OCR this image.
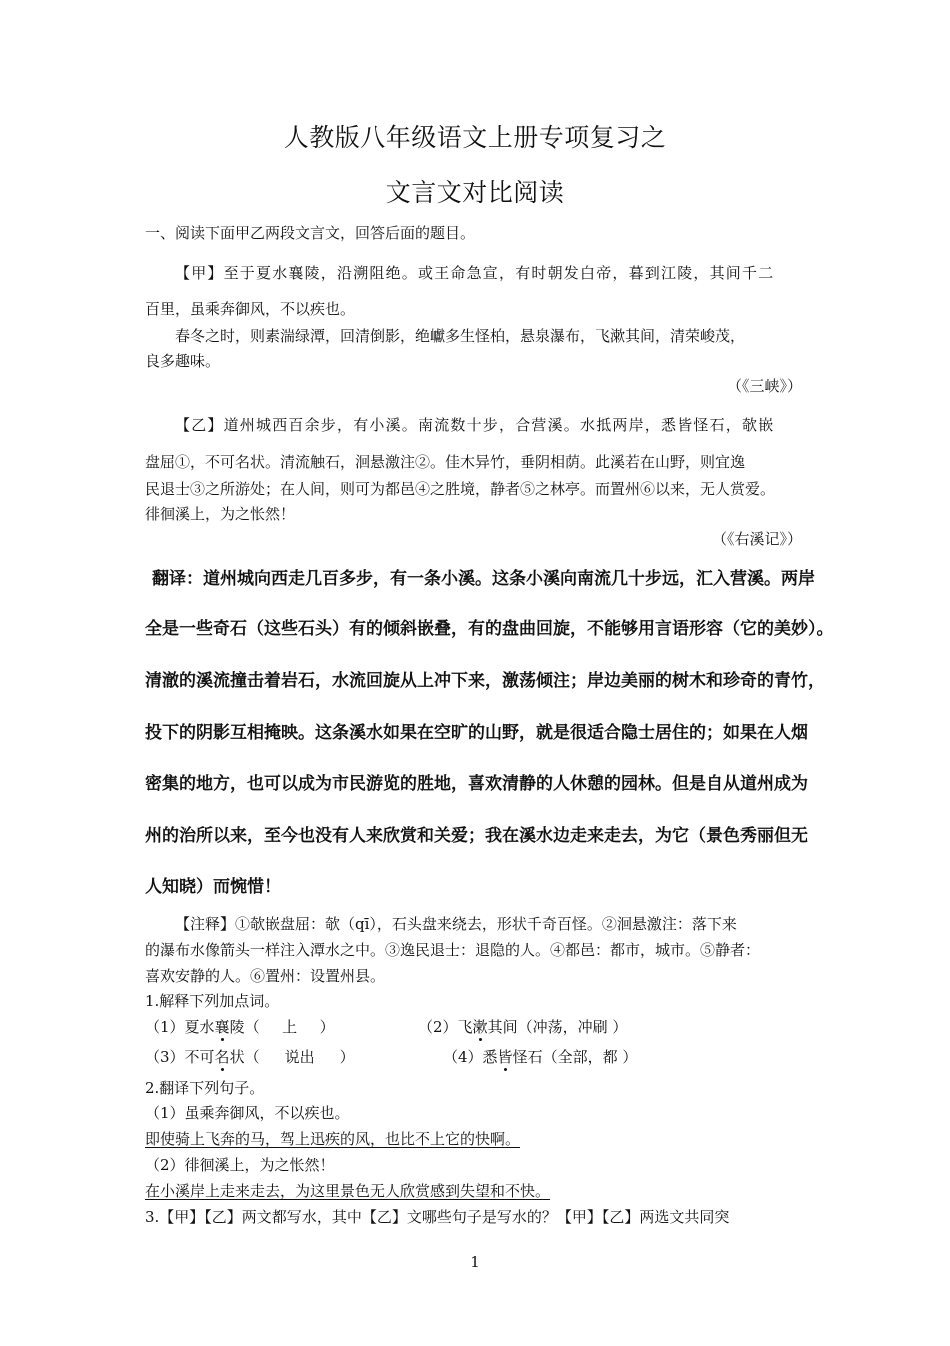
人教版八年级语文上册专项复习之
文言文对比阅读
一、阅读下面甲乙两段文言文，回答后面的题目。
【甲】至于夏水襄陵，沿溯阻绝。或王命急宣，有时朝发白帝，暮到江陵，其间千二
百里，虽乘奔御风，不以疾也。
春冬之时，则素湍绿潭，回清倒影，绝巘多生怪柏，悬泉瀑布，飞漱其间，清荣峻茂，
良多趣味。
（《三峡》）
【乙】道州城西百余步，有小溪。南流数十步，合营溪。水抵两岸，悉皆怪石，欹嵌
盘屈①，不可名状。清流触石，洄悬激注②。佳木异竹，垂阴相荫。此溪若在山野，则宜逸
民退士③之所游处；在人间，则可为都邑④之胜境，静者⑤之林亭。而置州⑥以来，无人赏爱。
徘徊溪上，为之怅然！
（《右溪记》）
翻译：道州城向西走几百多步，有一条小溪。这条小溪向南流几十步远，汇入营溪。两岸
全是一些奇石（这些石头）有的倾斜嵌叠，有的盘曲回旋，不能够用言语形容（它的美妙）。
清澈的溪流撞击着岩石，水流回旋从上冲下来，激荡倾注；岸边美丽的树木和珍奇的青竹，
投下的阴影互相掩映。这条溪水如果在空旷的山野，就是很适合隐士居住的；如果在人烟
密集的地方，也可以成为市民游览的胜地，喜欢清静的人休憩的园林。但是自从道州成为
州的治所以来，至今也没有人来欣赏和关爱；我在溪水边走来走去，为它（景色秀丽但无
人知晓）而惋惜！
【注释】①欹嵌盘屈：欹（qī），石头盘来绕去，形状千奇百怪。②洄悬激注：落下来
的瀑布水像箭头一样注入潭水之中。③逸民退士：退隐的人。④都邑：都市，城市。⑤静者：
喜欢安静的人。⑥置州：设置州县。
1.解释下列加点词。
（1）夏水襄陵（ 上 ）	（2）飞漱其间（冲荡，冲刷 ）
（3）不可名状（ 说出 ）	（4）悉皆怪石（全部，都 ）
2.翻译下列句子。
（1）虽乘奔御风，不以疾也。
即使骑上飞奔的马，驾上迅疾的风，也比不上它的快啊。
（2）徘徊溪上，为之怅然！
在小溪岸上走来走去，为这里景色无人欣赏感到失望和不快。
3.【甲】【乙】两文都写水，其中【乙】文哪些句子是写水的？【甲】【乙】两选文共同突
1
